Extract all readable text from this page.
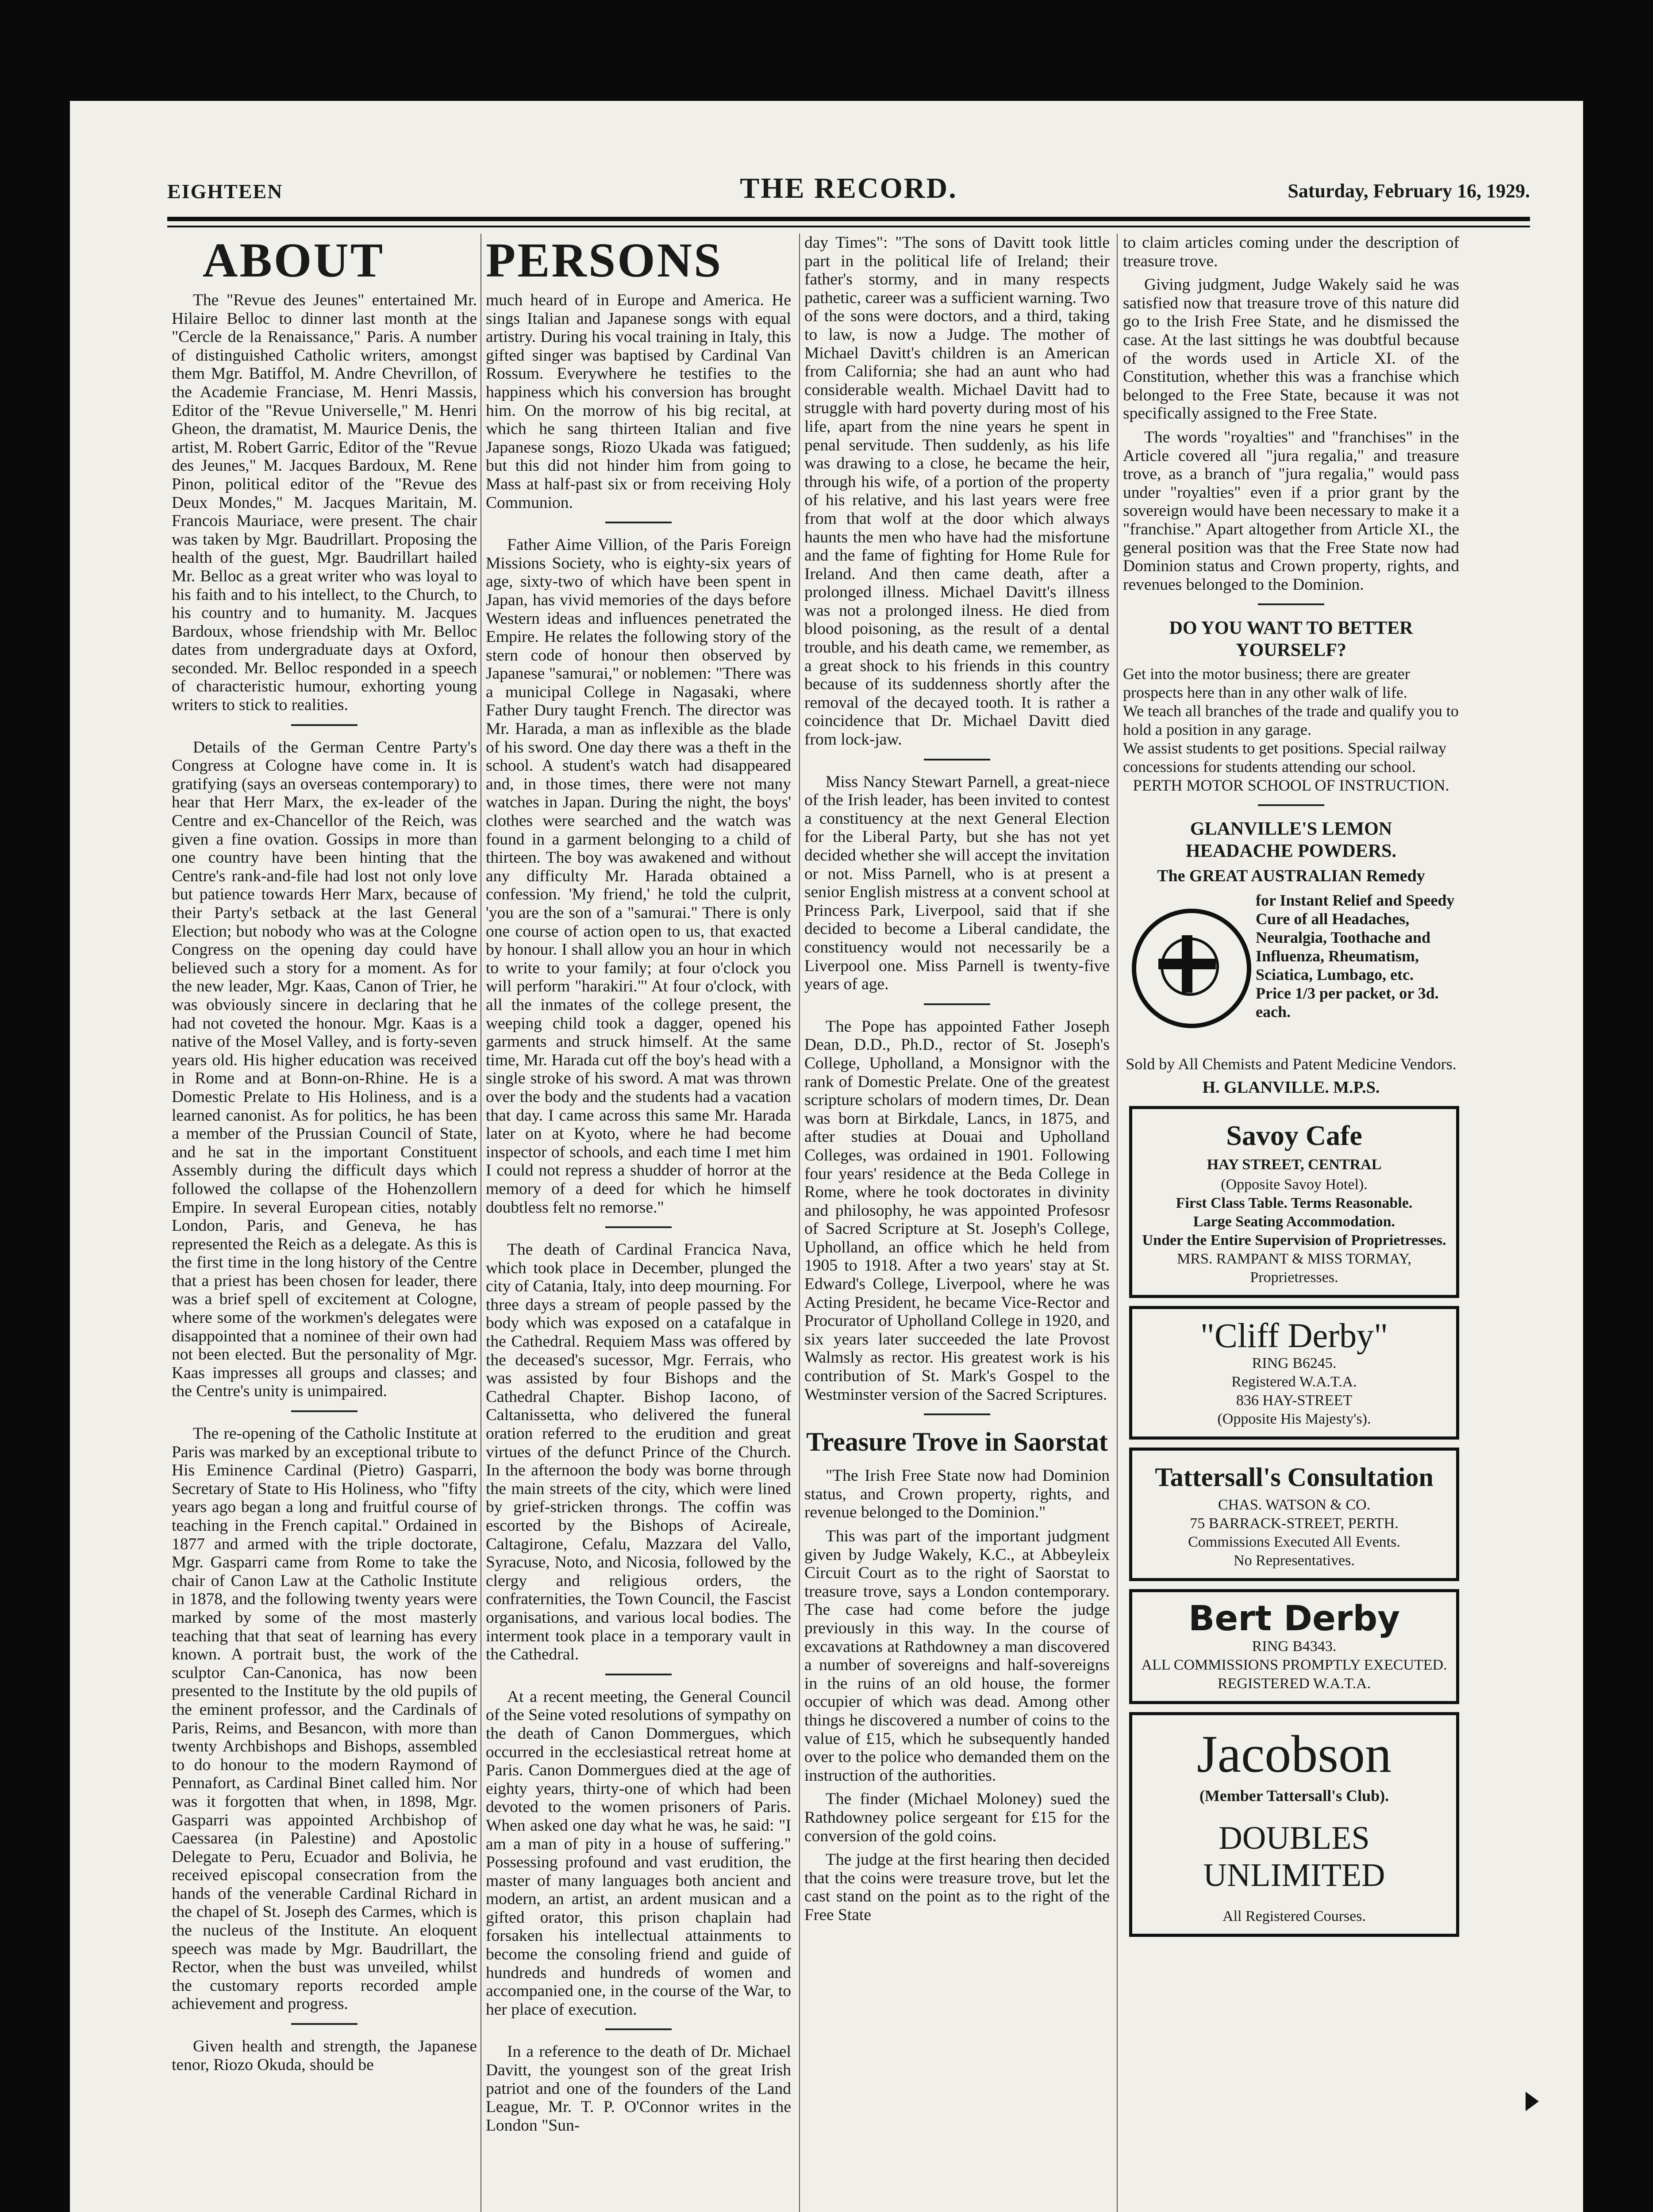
EIGHTEEN	THE RECORD.	Saturday, February 16, 1929.
ABOUT

The "Revue des Jeunes" entertained Mr. Hilaire Belloc to dinner last month at the "Cercle de la Renaissance," Paris. A number of distinguished Catholic writers, amongst them Mgr. Batiffol, M. Andre Chevrillon, of the Academie Franciase, M. Henri Massis, Editor of the "Revue Universelle," M. Henri Gheon, the dramatist, M. Maurice Denis, the artist, M. Robert Garric, Editor of the "Revue des Jeunes," M. Jacques Bardoux, M. Rene Pinon, political editor of the "Revue des Deux Mondes," M. Jacques Maritain, M. Francois Mauriace, were present. The chair was taken by Mgr. Baudrillart. Proposing the health of the guest, Mgr. Baudrillart hailed Mr. Belloc as a great writer who was loyal to his faith and to his intellect, to the Church, to his country and to humanity. M. Jacques Bardoux, whose friendship with Mr. Belloc dates from undergraduate days at Oxford, seconded. Mr. Belloc responded in a speech of characteristic humour, exhorting young writers to stick to realities.

Details of the German Centre Party's Congress at Cologne have come in. It is gratifying (says an overseas contemporary) to hear that Herr Marx, the ex-leader of the Centre and ex-Chancellor of the Reich, was given a fine ovation. Gossips in more than one country have been hinting that the Centre's rank-and-file had lost not only love but patience towards Herr Marx, because of their Party's setback at the last General Election; but nobody who was at the Cologne Congress on the opening day could have believed such a story for a moment. As for the new leader, Mgr. Kaas, Canon of Trier, he was obviously sincere in declaring that he had not coveted the honour. Mgr. Kaas is a native of the Mosel Valley, and is forty-seven years old. His higher education was received in Rome and at Bonn-on-Rhine. He is a Domestic Prelate to His Holiness, and is a learned canonist. As for politics, he has been a member of the Prussian Council of State, and he sat in the important Constituent Assembly during the difficult days which followed the collapse of the Hohenzollern Empire. In several European cities, notably London, Paris, and Geneva, he has represented the Reich as a delegate. As this is the first time in the long history of the Centre that a priest has been chosen for leader, there was a brief spell of excitement at Cologne, where some of the workmen's delegates were disappointed that a nominee of their own had not been elected. But the personality of Mgr. Kaas impresses all groups and classes; and the Centre's unity is unimpaired.

The re-opening of the Catholic Institute at Paris was marked by an exceptional tribute to His Eminence Cardinal (Pietro) Gasparri, Secretary of State to His Holiness, who "fifty years ago began a long and fruitful course of teaching in the French capital." Ordained in 1877 and armed with the triple doctorate, Mgr. Gasparri came from Rome to take the chair of Canon Law at the Catholic Institute in 1878, and the following twenty years were marked by some of the most masterly teaching that that seat of learning has every known. A portrait bust, the work of the sculptor Can-Canonica, has now been presented to the Institute by the old pupils of the eminent professor, and the Cardinals of Paris, Reims, and Besancon, with more than twenty Archbishops and Bishops, assembled to do honour to the modern Raymond of Pennafort, as Cardinal Binet called him. Nor was it forgotten that when, in 1898, Mgr. Gasparri was appointed Archbishop of Caessarea (in Palestine) and Apostolic Delegate to Peru, Ecuador and Bolivia, he received episcopal consecration from the hands of the venerable Cardinal Richard in the chapel of St. Joseph des Carmes, which is the nucleus of the Institute. An eloquent speech was made by Mgr. Baudrillart, the Rector, when the bust was unveiled, whilst the customary reports recorded ample achievement and progress.

Given health and strength, the Japanese tenor, Riozo Okuda, should be

PERSONS

much heard of in Europe and America. He sings Italian and Japanese songs with equal artistry. During his vocal training in Italy, this gifted singer was baptised by Cardinal Van Rossum. Everywhere he testifies to the happiness which his conversion has brought him. On the morrow of his big recital, at which he sang thirteen Italian and five Japanese songs, Riozo Ukada was fatigued; but this did not hinder him from going to Mass at half-past six or from receiving Holy Communion.

Father Aime Villion, of the Paris Foreign Missions Society, who is eighty-six years of age, sixty-two of which have been spent in Japan, has vivid memories of the days before Western ideas and influences penetrated the Empire. He relates the following story of the stern code of honour then observed by Japanese "samurai," or noblemen: "There was a municipal College in Nagasaki, where Father Dury taught French. The director was Mr. Harada, a man as inflexible as the blade of his sword. One day there was a theft in the school. A student's watch had disappeared and, in those times, there were not many watches in Japan. During the night, the boys' clothes were searched and the watch was found in a garment belonging to a child of thirteen. The boy was awakened and without any difficulty Mr. Harada obtained a confession. 'My friend,' he told the culprit, 'you are the son of a "samurai." There is only one course of action open to us, that exacted by honour. I shall allow you an hour in which to write to your family; at four o'clock you will perform "harakiri."' At four o'clock, with all the inmates of the college present, the weeping child took a dagger, opened his garments and struck himself. At the same time, Mr. Harada cut off the boy's head with a single stroke of his sword. A mat was thrown over the body and the students had a vacation that day. I came across this same Mr. Harada later on at Kyoto, where he had become inspector of schools, and each time I met him I could not repress a shudder of horror at the memory of a deed for which he himself doubtless felt no remorse."

The death of Cardinal Francica Nava, which took place in December, plunged the city of Catania, Italy, into deep mourning. For three days a stream of people passed by the body which was exposed on a catafalque in the Cathedral. Requiem Mass was offered by the deceased's sucessor, Mgr. Ferrais, who was assisted by four Bishops and the Cathedral Chapter. Bishop Iacono, of Caltanissetta, who delivered the funeral oration referred to the erudition and great virtues of the defunct Prince of the Church. In the afternoon the body was borne through the main streets of the city, which were lined by grief-stricken throngs. The coffin was escorted by the Bishops of Acireale, Caltagirone, Cefalu, Mazzara del Vallo, Syracuse, Noto, and Nicosia, followed by the clergy and religious orders, the confraternities, the Town Council, the Fascist organisations, and various local bodies. The interment took place in a temporary vault in the Cathedral.

At a recent meeting, the General Council of the Seine voted resolutions of sympathy on the death of Canon Dommergues, which occurred in the ecclesiastical retreat home at Paris. Canon Dommergues died at the age of eighty years, thirty-one of which had been devoted to the women prisoners of Paris. When asked one day what he was, he said: "I am a man of pity in a house of suffering." Possessing profound and vast erudition, the master of many languages both ancient and modern, an artist, an ardent musican and a gifted orator, this prison chaplain had forsaken his intellectual attainments to become the consoling friend and guide of hundreds and hundreds of women and accompanied one, in the course of the War, to her place of execution.

In a reference to the death of Dr. Michael Davitt, the youngest son of the great Irish patriot and one of the founders of the Land League, Mr. T. P. O'Connor writes in the London "Sun-

day Times": "The sons of Davitt took little part in the political life of Ireland; their father's stormy, and in many respects pathetic, career was a sufficient warning. Two of the sons were doctors, and a third, taking to law, is now a Judge. The mother of Michael Davitt's children is an American from California; she had an aunt who had considerable wealth. Michael Davitt had to struggle with hard poverty during most of his life, apart from the nine years he spent in penal servitude. Then suddenly, as his life was drawing to a close, he became the heir, through his wife, of a portion of the property of his relative, and his last years were free from that wolf at the door which always haunts the men who have had the misfortune and the fame of fighting for Home Rule for Ireland. And then came death, after a prolonged illness. Michael Davitt's illness was not a prolonged ilness. He died from blood poisoning, as the result of a dental trouble, and his death came, we remember, as a great shock to his friends in this country because of its suddenness shortly after the removal of the decayed tooth. It is rather a coincidence that Dr. Michael Davitt died from lock-jaw.

Miss Nancy Stewart Parnell, a great-niece of the Irish leader, has been invited to contest a constituency at the next General Election for the Liberal Party, but she has not yet decided whether she will accept the invitation or not. Miss Parnell, who is at present a senior English mistress at a convent school at Princess Park, Liverpool, said that if she decided to become a Liberal candidate, the constituency would not necessarily be a Liverpool one. Miss Parnell is twenty-five years of age.

The Pope has appointed Father Joseph Dean, D.D., Ph.D., rector of St. Joseph's College, Upholland, a Monsignor with the rank of Domestic Prelate. One of the greatest scripture scholars of modern times, Dr. Dean was born at Birkdale, Lancs, in 1875, and after studies at Douai and Upholland Colleges, was ordained in 1901. Following four years' residence at the Beda College in Rome, where he took doctorates in divinity and philosophy, he was appointed Profesosr of Sacred Scripture at St. Joseph's College, Upholland, an office which he held from 1905 to 1918. After a two years' stay at St. Edward's College, Liverpool, where he was Acting President, he became Vice-Rector and Procurator of Upholland College in 1920, and six years later succeeded the late Provost Walmsly as rector. His greatest work is his contribution of St. Mark's Gospel to the Westminster version of the Sacred Scriptures.

Treasure Trove in Saorstat

"The Irish Free State now had Dominion status, and Crown property, rights, and revenue belonged to the Dominion."

This was part of the important judgment given by Judge Wakely, K.C., at Abbeyleix Circuit Court as to the right of Saorstat to treasure trove, says a London contemporary. The case had come before the judge previously in this way. In the course of excavations at Rathdowney a man discovered a number of sovereigns and half-sovereigns in the ruins of an old house, the former occupier of which was dead. Among other things he discovered a number of coins to the value of £15, which he subsequently handed over to the police who demanded them on the instruction of the authorities.

The finder (Michael Moloney) sued the Rathdowney police sergeant for £15 for the conversion of the gold coins.

The judge at the first hearing then decided that the coins were treasure trove, but let the cast stand on the point as to the right of the Free State

to claim articles coming under the description of treasure trove.

Giving judgment, Judge Wakely said he was satisfied now that treasure trove of this nature did go to the Irish Free State, and he dismissed the case. At the last sittings he was doubtful because of the words used in Article XI. of the Constitution, whether this was a franchise which belonged to the Free State, because it was not specifically assigned to the Free State.

The words "royalties" and "franchises" in the Article covered all "jura regalia," and treasure trove, as a branch of "jura regalia," would pass under "royalties" even if a prior grant by the sovereign would have been necessary to make it a "franchise." Apart altogether from Article XI., the general position was that the Free State now had Dominion status and Crown property, rights, and revenues belonged to the Dominion.

DO YOU WANT TO BETTER
YOURSELF?
Get into the motor business; there are greater prospects here than in any other walk of life.
We teach all branches of the trade and qualify you to hold a position in any garage.
We assist students to get positions. Special railway concessions for students attending our school.
PERTH MOTOR SCHOOL OF INSTRUCTION.
GLANVILLE'S LEMON
HEADACHE POWDERS.
The GREAT AUSTRALIAN Remedy
for Instant Relief and Speedy Cure of all Headaches, Neuralgia, Toothache and Influenza, Rheumatism, Sciatica, Lumbago, etc.
Price 1/3 per packet, or 3d. each.
Sold by All Chemists and Patent Medicine Vendors.
H. GLANVILLE. M.P.S.
Savoy Cafe
HAY STREET, CENTRAL
(Opposite Savoy Hotel).
First Class Table. Terms Reasonable.
Large Seating Accommodation.
Under the Entire Supervision of Proprietresses.
MRS. RAMPANT & MISS TORMAY,
Proprietresses.
"Cliff Derby"
RING B6245.
Registered W.A.T.A.
836 HAY-STREET
(Opposite His Majesty's).
Tattersall's Consultation
CHAS. WATSON & CO.
75 BARRACK-STREET, PERTH.
Commissions Executed All Events.
No Representatives.
Bert Derby
RING B4343.
ALL COMMISSIONS PROMPTLY EXECUTED.
REGISTERED W.A.T.A.
Jacobson
(Member Tattersall's Club).
DOUBLES
UNLIMITED
All Registered Courses.
